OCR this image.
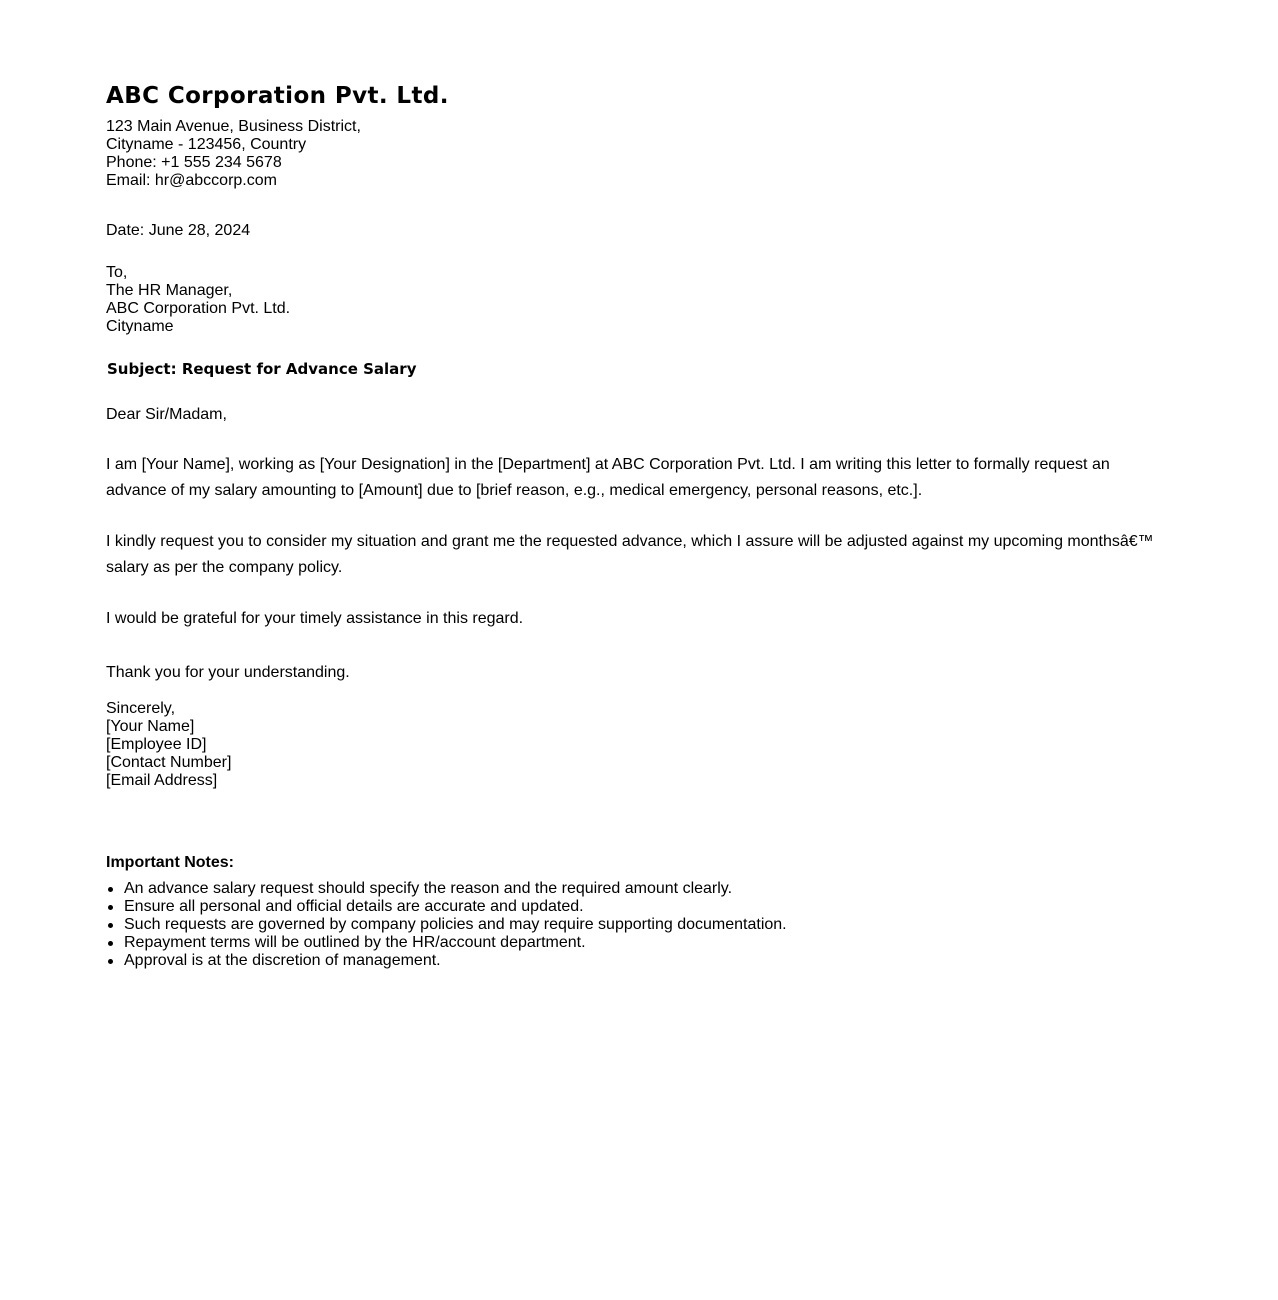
ABC Corporation Pvt. Ltd.
123 Main Avenue, Business District,
Cityname - 123456, Country
Phone: +1 555 234 5678
Email: hr@abccorp.com
Date: June 28, 2024
To,
The HR Manager,
ABC Corporation Pvt. Ltd.
Cityname
Subject: Request for Advance Salary
Dear Sir/Madam,

I am [Your Name], working as [Your Designation] in the [Department] at ABC Corporation Pvt. Ltd. I am writing this letter to formally request an advance of my salary amounting to [Amount] due to [brief reason, e.g., medical emergency, personal reasons, etc.].

I kindly request you to consider my situation and grant me the requested advance, which I assure will be adjusted against my upcoming monthsâ€™ salary as per the company policy.

I would be grateful for your timely assistance in this regard.

Thank you for your understanding.
Sincerely,
[Your Name]
[Employee ID]
[Contact Number]
[Email Address]
Important Notes:
An advance salary request should specify the reason and the required amount clearly.
Ensure all personal and official details are accurate and updated.
Such requests are governed by company policies and may require supporting documentation.
Repayment terms will be outlined by the HR/account department.
Approval is at the discretion of management.
